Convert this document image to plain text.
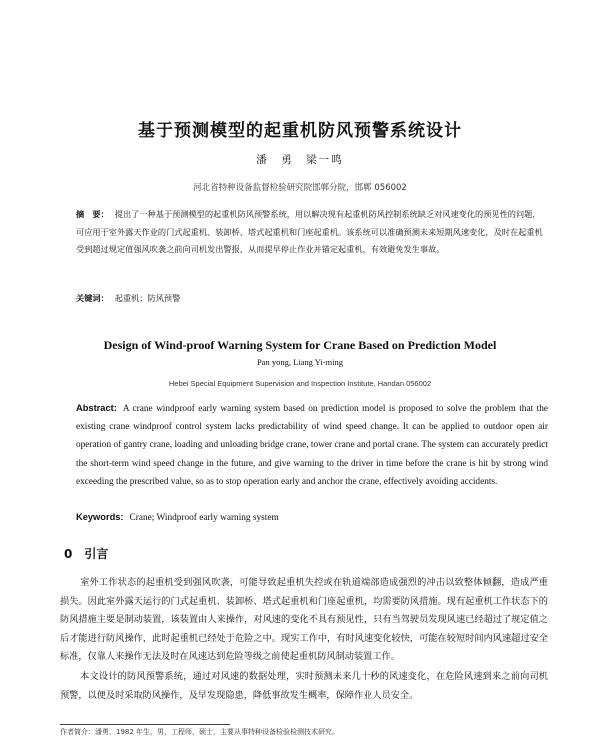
基于预测模型的起重机防风预警系统设计
潘　勇　梁一鸣
河北省特种设备监督检验研究院邯郸分院，邯郸 056002
摘　要： 提出了一种基于预测模型的起重机防风预警系统，用以解决现有起重机防风控制系统缺乏对风速变化的预见性的问题，可应用于室外露天作业的门式起重机、装卸桥、塔式起重机和门座起重机。该系统可以准确预测未来短期风速变化，及时在起重机受到超过规定值强风吹袭之前向司机发出警报，从而提早停止作业并锚定起重机，有效避免发生事故。
关键词： 起重机；防风预警
Design of Wind-proof Warning System for Crane Based on Prediction Model
Pan yong, Liang Yi-ming
Hebei Special Equipment Supervision and Inspection Institute, Handan 056002
Abstract: A crane windproof early warning system based on prediction model is proposed to solve the problem that the existing crane windproof control system lacks predictability of wind speed change. It can be applied to outdoor open air operation of gantry crane, loading and unloading bridge crane, tower crane and portal crane. The system can accurately predict the short-term wind speed change in the future, and give warning to the driver in time before the crane is hit by strong wind exceeding the prescribed value, so as to stop operation early and anchor the crane, effectively avoiding accidents.
Keywords: Crane; Windproof early warning system
0 引言
室外工作状态的起重机受到强风吹袭，可能导致起重机失控或在轨道端部造成强烈的冲击以致整体倾翻，造成严重损失。因此室外露天运行的门式起重机、装卸桥、塔式起重机和门座起重机，均需要防风措施。现有起重机工作状态下的防风措施主要是制动装置，该装置由人来操作，对风速的变化不具有预见性，只有当驾驶员发现风速已经超过了规定值之后才能进行防风操作，此时起重机已经处于危险之中。现实工作中，有时风速变化较快，可能在较短时间内风速超过安全标准，仅靠人来操作无法及时在风速达到危险等级之前使起重机防风制动装置工作。
本文设计的防风预警系统，通过对风速的数据处理，实时预测未来几十秒的风速变化，在危险风速到来之前向司机预警，以便及时采取防风操作，及早发现隐患，降低事故发生概率，保障作业人员安全。
作者简介：潘勇，1982 年生，男，工程师，硕士，主要从事特种设备检验检测技术研究。
